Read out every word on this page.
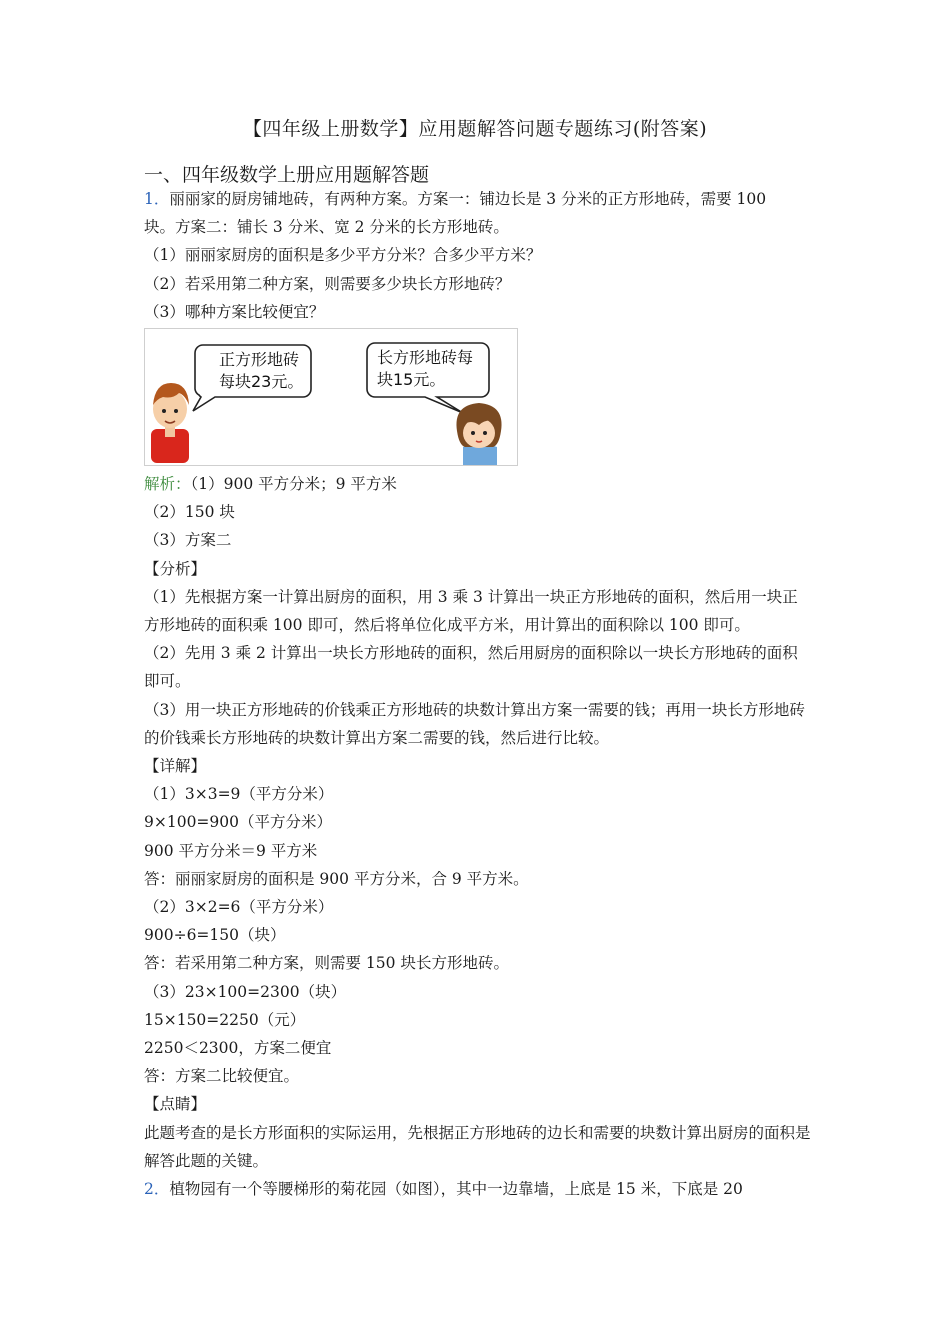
【四年级上册数学】应用题解答问题专题练习(附答案)
一、四年级数学上册应用题解答题

1．丽丽家的厨房铺地砖，有两种方案。方案一：铺边长是 3 分米的正方形地砖，需要 100

块。方案二：铺长 3 分米、宽 2 分米的长方形地砖。

（1）丽丽家厨房的面积是多少平方分米？合多少平方米？

（2）若采用第二种方案，则需要多少块长方形地砖？

（3）哪种方案比较便宜？

正方形地砖
每块23元。
长方形地砖每
块15元。

解析：（1）900 平方分米；9 平方米

（2）150 块

（3）方案二

【分析】

（1）先根据方案一计算出厨房的面积，用 3 乘 3 计算出一块正方形地砖的面积，然后用一块正方形地砖的面积乘 100 即可，然后将单位化成平方米，用计算出的面积除以 100 即可。

（2）先用 3 乘 2 计算出一块长方形地砖的面积，然后用厨房的面积除以一块长方形地砖的面积即可。

（3）用一块正方形地砖的价钱乘正方形地砖的块数计算出方案一需要的钱；再用一块长方形地砖的价钱乘长方形地砖的块数计算出方案二需要的钱，然后进行比较。

【详解】

（1）3×3=9（平方分米）

9×100=900（平方分米）

900 平方分米＝9 平方米

答：丽丽家厨房的面积是 900 平方分米，合 9 平方米。

（2）3×2=6（平方分米）

900÷6=150（块）

答：若采用第二种方案，则需要 150 块长方形地砖。

（3）23×100=2300（块）

15×150=2250（元）

2250＜2300，方案二便宜

答：方案二比较便宜。

【点睛】

此题考查的是长方形面积的实际运用，先根据正方形地砖的边长和需要的块数计算出厨房的面积是解答此题的关键。

2．植物园有一个等腰梯形的菊花园（如图），其中一边靠墙，上底是 15 米，下底是 20
